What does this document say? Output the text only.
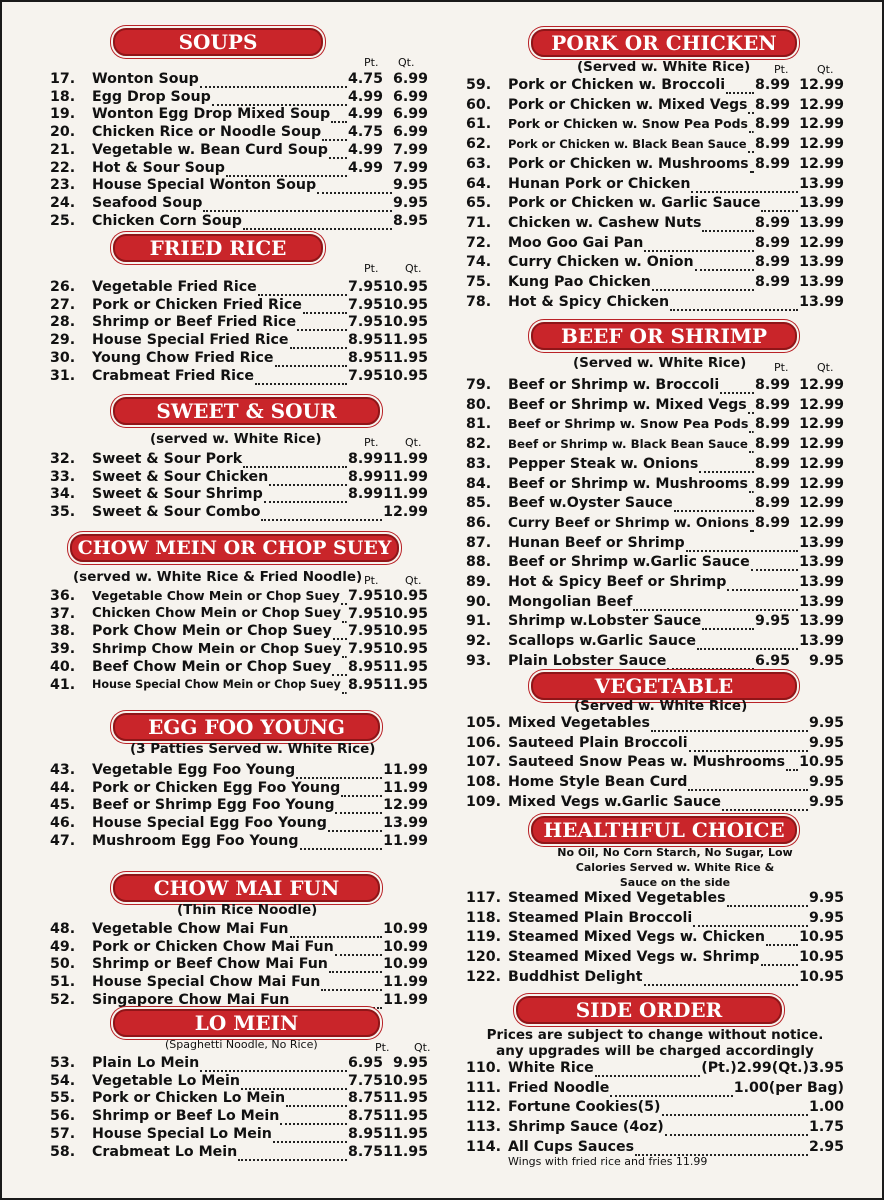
SOUPS
Pt. Qt.
17. Wonton Soup	4.75 6.99
18. Egg Drop Soup	4.99 6.99
19. Wonton Egg Drop Mixed Soup 4.99 6.99
20. Chicken Rice or Noodle Soup 4.75 6.99
21. Vegetable w. Bean Curd Soup 4.99 7.99
22. Hot & Sour Soup	4.99 7.99
23. House Special Wonton Soup	9.95
24. Seafood Soup	9.95
25. Chicken Corn Soup	8.95
FRIED RICE
Pt. Qt.
26. Vegetable Fried Rice	7.95 10.95
27. Pork or Chicken Fried Rice	7.95 10.95
28. Shrimp or Beef Fried Rice	7.95 10.95
29. House Special Fried Rice	8.95 11.95
30. Young Chow Fried Rice	8.95 11.95
31. Crabmeat Fried Rice	7.95 10.95
SWEET & SOUR
(served w. White Rice)	Pt. Qt.
32. Sweet & Sour Pork	8.99 11.99
33. Sweet & Sour Chicken	8.99 11.99
34. Sweet & Sour Shrimp	8.99 11.99
35. Sweet & Sour Combo	12.99
CHOW MEIN OR CHOP SUEY
(served w. White Rice & Fried Noodle) Pt. Qt.
36. Vegetable Chow Mein or Chop Suey 7.95 10.95
37. Chicken Chow Mein or Chop Suey 7.95 10.95
38. Pork Chow Mein or Chop Suey 7.95 10.95
39. Shrimp Chow Mein or Chop Suey 7.95 10.95
40. Beef Chow Mein or Chop Suey 8.95 11.95
41. House Special Chow Mein or Chop Suey 8.95 11.95
EGG FOO YOUNG
(3 Patties Served w. White Rice)
43. Vegetable Egg Foo Young	11.99
44. Pork or Chicken Egg Foo Young	11.99
45. Beef or Shrimp Egg Foo Young	12.99
46. House Special Egg Foo Young	13.99
47. Mushroom Egg Foo Young	11.99
CHOW MAI FUN
(Thin Rice Noodle)
48. Vegetable Chow Mai Fun	10.99
49. Pork or Chicken Chow Mai Fun	10.99
50. Shrimp or Beef Chow Mai Fun	10.99
51. House Special Chow Mai Fun	11.99
52. Singapore Chow Mai Fun	11.99
LO MEIN
(Spaghetti Noodle, No Rice)	Pt. Qt.
53. Plain Lo Mein	6.95 9.95
54. Vegetable Lo Mein	7.75 10.95
55. Pork or Chicken Lo Mein	8.75 11.95
56. Shrimp or Beef Lo Mein	8.75 11.95
57. House Special Lo Mein	8.95 11.95
58. Crabmeat Lo Mein	8.75 11.95
PORK OR CHICKEN
(Served w. White Rice) Pt.	Qt.
59. Pork or Chicken w. Broccoli 8.99 12.99
60. Pork or Chicken w. Mixed Vegs 8.99 12.99
61. Pork or Chicken w. Snow Pea Pods 8.99 12.99
62. Pork or Chicken w. Black Bean Sauce 8.99 12.99
63. Pork or Chicken w. Mushrooms 8.99 12.99
64. Hunan Pork or Chicken	13.99
65. Pork or Chicken w. Garlic Sauce	13.99
71. Chicken w. Cashew Nuts	8.99 13.99
72. Moo Goo Gai Pan	8.99 12.99
74. Curry Chicken w. Onion	8.99 13.99
75. Kung Pao Chicken	8.99 13.99
78. Hot & Spicy Chicken	13.99
BEEF OR SHRIMP
(Served w. White Rice)	Pt.	Qt.
79. Beef or Shrimp w. Broccoli	8.99 12.99
80. Beef or Shrimp w. Mixed Vegs 8.99 12.99
81. Beef or Shrimp w. Snow Pea Pods 8.99 12.99
82. Beef or Shrimp w. Black Bean Sauce 8.99 12.99
83. Pepper Steak w. Onions	8.99 12.99
84. Beef or Shrimp w. Mushrooms 8.99 12.99
85. Beef w.Oyster Sauce	8.99 12.99
86. Curry Beef or Shrimp w. Onions 8.99 12.99
87. Hunan Beef or Shrimp	13.99
88. Beef or Shrimp w.Garlic Sauce	13.99
89. Hot & Spicy Beef or Shrimp	13.99
90. Mongolian Beef	13.99
91. Shrimp w.Lobster Sauce	9.95 13.99
92. Scallops w.Garlic Sauce	13.99
93. Plain Lobster Sauce	6.95 9.95
VEGETABLE
(Served w. White Rice)
105. Mixed Vegetables	9.95
106. Sauteed Plain Broccoli	9.95
107. Sauteed Snow Peas w. Mushrooms 10.95
108. Home Style Bean Curd	9.95
109. Mixed Vegs w.Garlic Sauce	9.95
HEALTHFUL CHOICE
No Oil, No Corn Starch, No Sugar, Low
Calories Served w. White Rice &
Sauce on the side
117. Steamed Mixed Vegetables	9.95
118. Steamed Plain Broccoli	9.95
119. Steamed Mixed Vegs w. Chicken 10.95
120. Steamed Mixed Vegs w. Shrimp	10.95
122. Buddhist Delight	10.95
SIDE ORDER
Prices are subject to change without notice.
any upgrades will be charged accordingly
110. White Rice	(Pt.)2.99(Qt.)3.95
111. Fried Noodle	1.00(per Bag)
112. Fortune Cookies(5)	1.00
113. Shrimp Sauce (4oz)	1.75
114. All Cups Sauces	2.95
Wings with fried rice and fries 11.99
